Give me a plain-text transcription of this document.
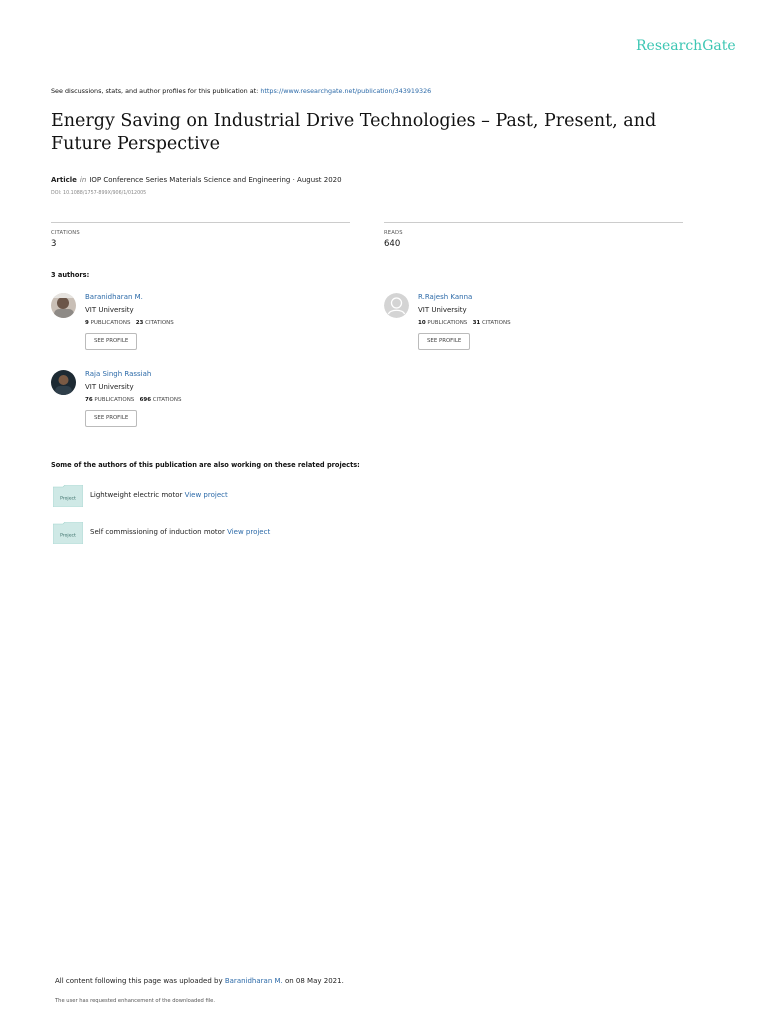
ResearchGate
See discussions, stats, and author profiles for this publication at: https://www.researchgate.net/publication/343919326
Energy Saving on Industrial Drive Technologies – Past, Present, and Future Perspective
Article in IOP Conference Series Materials Science and Engineering · August 2020
DOI: 10.1088/1757-899X/906/1/012005
CITATIONS
3
READS
640
3 authors:
Baranidharan M.
VIT University
9 PUBLICATIONS 23 CITATIONS
SEE PROFILE
R.Rajesh Kanna
VIT University
10 PUBLICATIONS 31 CITATIONS
SEE PROFILE
Raja Singh Rassiah
VIT University
76 PUBLICATIONS 696 CITATIONS
SEE PROFILE
Some of the authors of this publication are also working on these related projects:
Project Lightweight electric motor View project
Project Self commissioning of induction motor View project
All content following this page was uploaded by Baranidharan M. on 08 May 2021.
The user has requested enhancement of the downloaded file.
